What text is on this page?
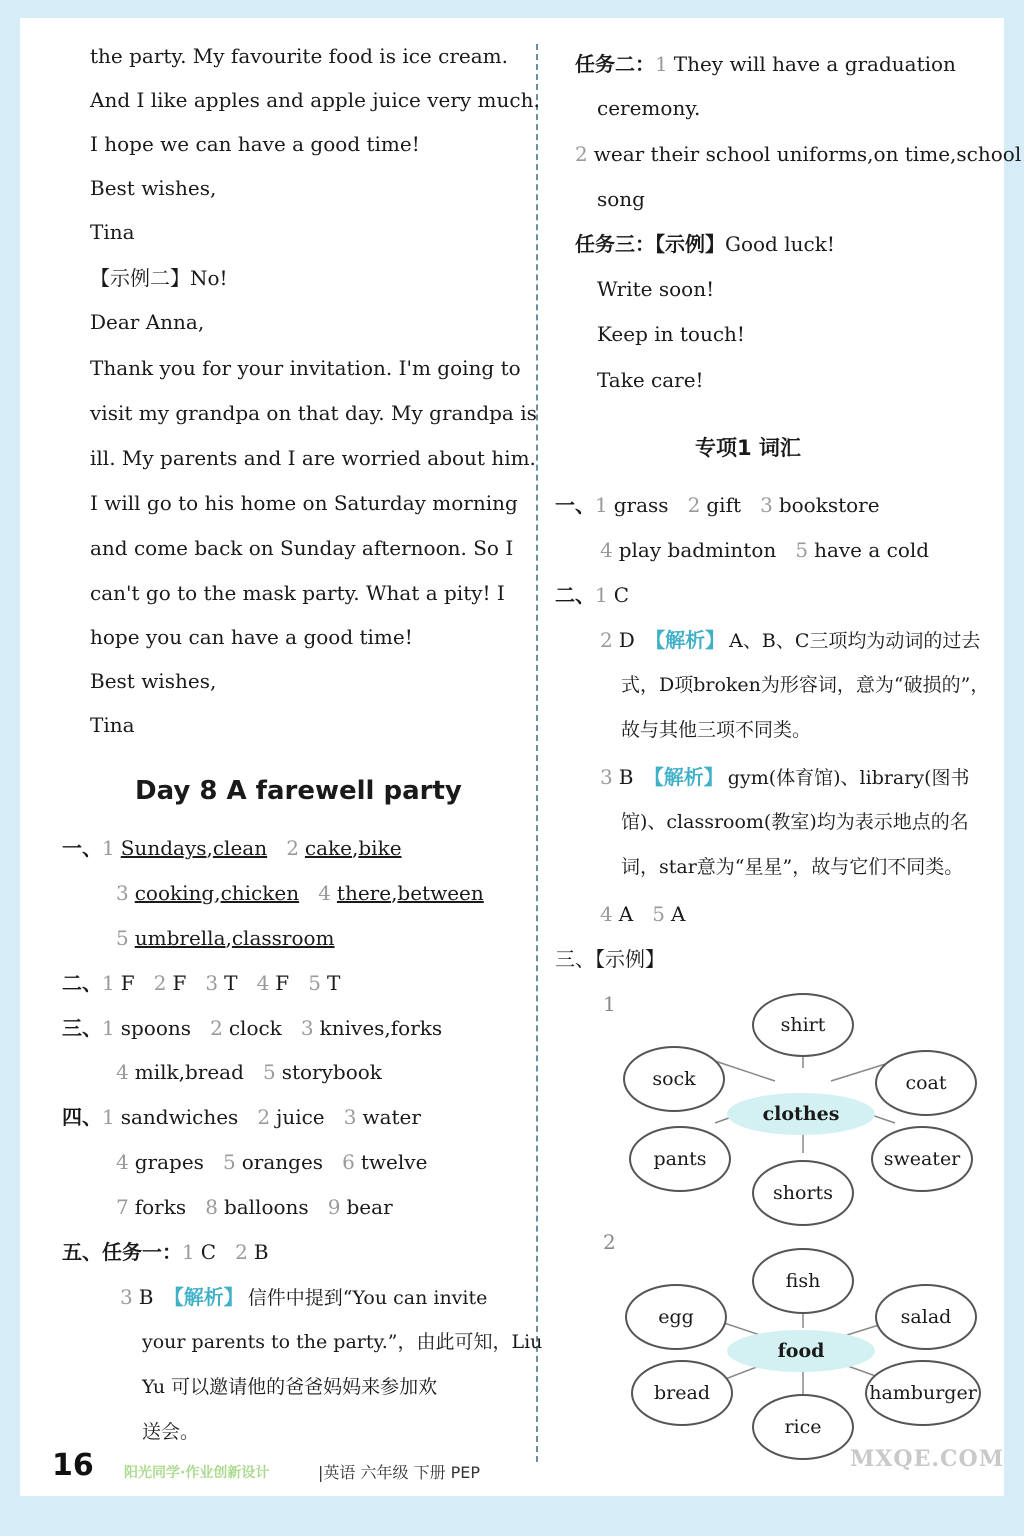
the party. My favourite food is ice cream.
And I like apples and apple juice very much.
I hope we can have a good time!
Best wishes,
Tina
【示例二】No!
Dear Anna,
Thank you for your invitation. I'm going to
visit my grandpa on that day. My grandpa is
ill. My parents and I are worried about him.
I will go to his home on Saturday morning
and come back on Sunday afternoon. So I
can't go to the mask party. What a pity! I
hope you can have a good time!
Best wishes,
Tina
Day 8 A farewell party
一、1 Sundays,clean 2 cake,bike
3 cooking,chicken 4 there,between
5 umbrella,classroom
二、1 F 2 F 3 T 4 F 5 T
三、1 spoons 2 clock 3 knives,forks
4 milk,bread 5 storybook
四、1 sandwiches 2 juice 3 water
4 grapes 5 oranges 6 twelve
7 forks 8 balloons 9 bear
五、任务一：1 C 2 B
3 B 【解析】 信件中提到“You can invite
your parents to the party.”，由此可知，Liu
Yu 可以邀请他的爸爸妈妈来参加欢
送会。
任务二：1 They will have a graduation
ceremony.
2 wear their school uniforms,on time,school
song
任务三：【示例】Good luck!
Write soon!
Keep in touch!
Take care!
专项1 词汇
一、1 grass 2 gift 3 bookstore
4 play badminton 5 have a cold
二、1 C
2 D 【解析】 A、B、C三项均为动词的过去
式，D项broken为形容词，意为“破损的”，
故与其他三项不同类。
3 B 【解析】 gym(体育馆)、library(图书
馆)、classroom(教室)均为表示地点的名
词，star意为“星星”，故与它们不同类。
4 A 5 A
三、【示例】
1
shirt
sock	coat
clothes
pants	sweater
shorts
2
fish
egg	salad
food
bread	hamburger
rice
16 阳光同学·作业创新设计	|英语 六年级 下册 PEP
MXQE.COM
